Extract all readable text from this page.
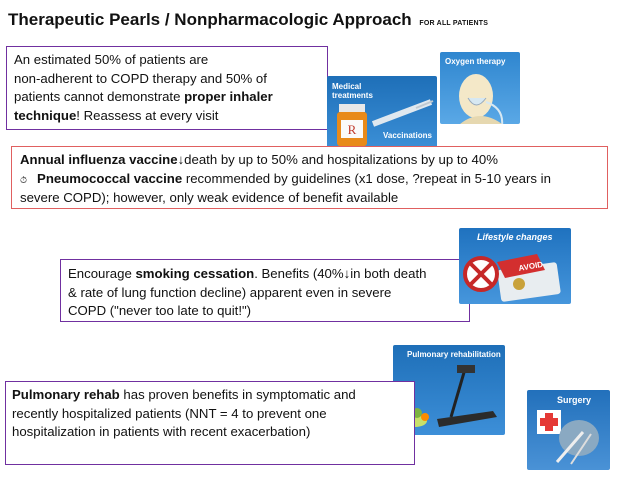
Therapeutic Pearls / Nonpharmacologic Approach FOR ALL PATIENTS
An estimated 50% of patients are
non-adherent to COPD therapy and 50% of
patients cannot demonstrate proper inhaler
technique! Reassess at every visit
Medical
treatments
R	Vaccinations
Oxygen therapy
Annual influenza vaccine↓death by up to 50% and hospitalizations by up to 40%
⏱ Pneumococcal vaccine recommended by guidelines (x1 dose, ?repeat in 5-10 years in
severe COPD); however, only weak evidence of benefit available
Encourage smoking cessation. Benefits (40%↓in both death
& rate of lung function decline) apparent even in severe
COPD ("never too late to quit!")
Lifestyle changes
AVOID
Pulmonary rehabilitation
Pulmonary rehab has proven benefits in symptomatic and
recently hospitalized patients (NNT = 4 to prevent one
hospitalization in patients with recent exacerbation)
Surgery
